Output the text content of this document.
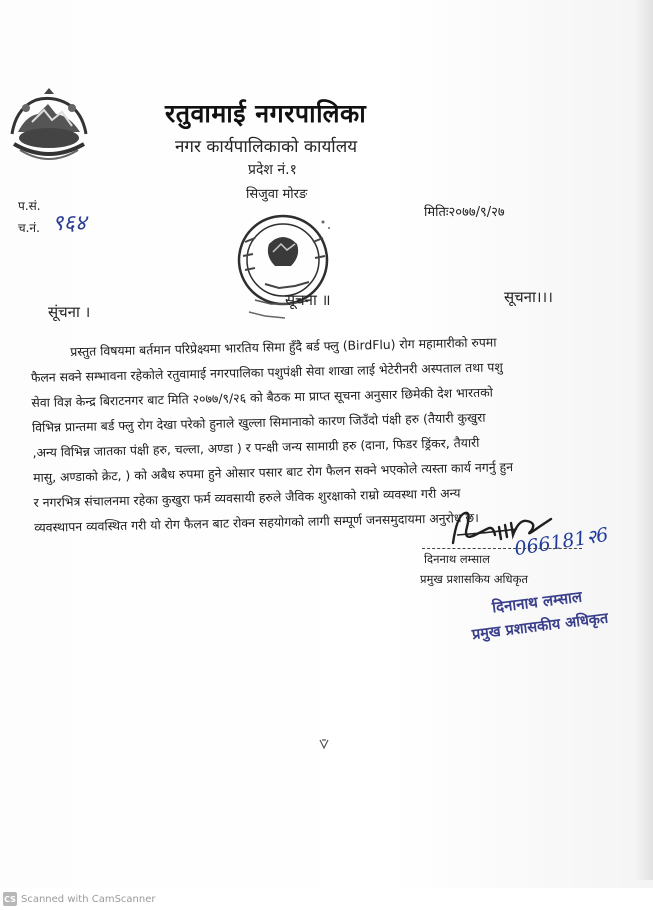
रतुवामाई नगरपालिका
नगर कार्यपालिकाको कार्यालय
प्रदेश नं.१
सिजुवा मोरङ
प.सं.
च.नं. ९६४	मितिः२०७७/९/२७
सूंचना ।
सूचना ॥	सूचना।।।
प्रस्तुत विषयमा बर्तमान परिप्रेक्ष्यमा भारतिय सिमा हुँदै बर्ड फ्लु (BirdFlu) रोग महामारीको रुपमा
फैलन सक्ने सम्भावना रहेकोले रतुवामाई नगरपालिका पशुपंक्षी सेवा शाखा लाई भेटेरीनरी अस्पताल तथा पशु
सेवा विज्ञ केन्द्र बिराटनगर बाट मिति २०७७/९/२६ को बैठक मा प्राप्त सूचना अनुसार छिमेकी देश भारतको
विभिन्न प्रान्तमा बर्ड फ्लु रोग देखा परेको हुनाले खुल्ला सिमानाको कारण जिउँदो पंक्षी हरु (तैयारी कुखुरा
,अन्य विभिन्न जातका पंक्षी हरु, चल्ला, अण्डा ) र पन्क्षी जन्य सामाग्री हरु (दाना, फिडर ड्रिंकर, तैयारी
मासु, अण्डाको क्रेट, ) को अबैध रुपमा हुने ओसार पसार बाट रोग फैलन सक्ने भएकोले त्यस्ता कार्य नगर्नु हुन
र नगरभित्र संचालनमा रहेका कुखुरा फर्म व्यवसायी हरुले जैविक शुरक्षाको राम्रो व्यवस्था गरी अन्य
व्यवस्थापन व्यवस्थित गरी यो रोग फैलन बाट रोक्न सहयोगको लागी सम्पूर्ण जनसमुदायमा अनुरोध छ।
066181२6
दिननाथ लम्साल
प्रमुख प्रशासकिय अधिकृत
दिनानाथ लम्साल
प्रमुख प्रशासकीय अधिकृत
CS Scanned with CamScanner
